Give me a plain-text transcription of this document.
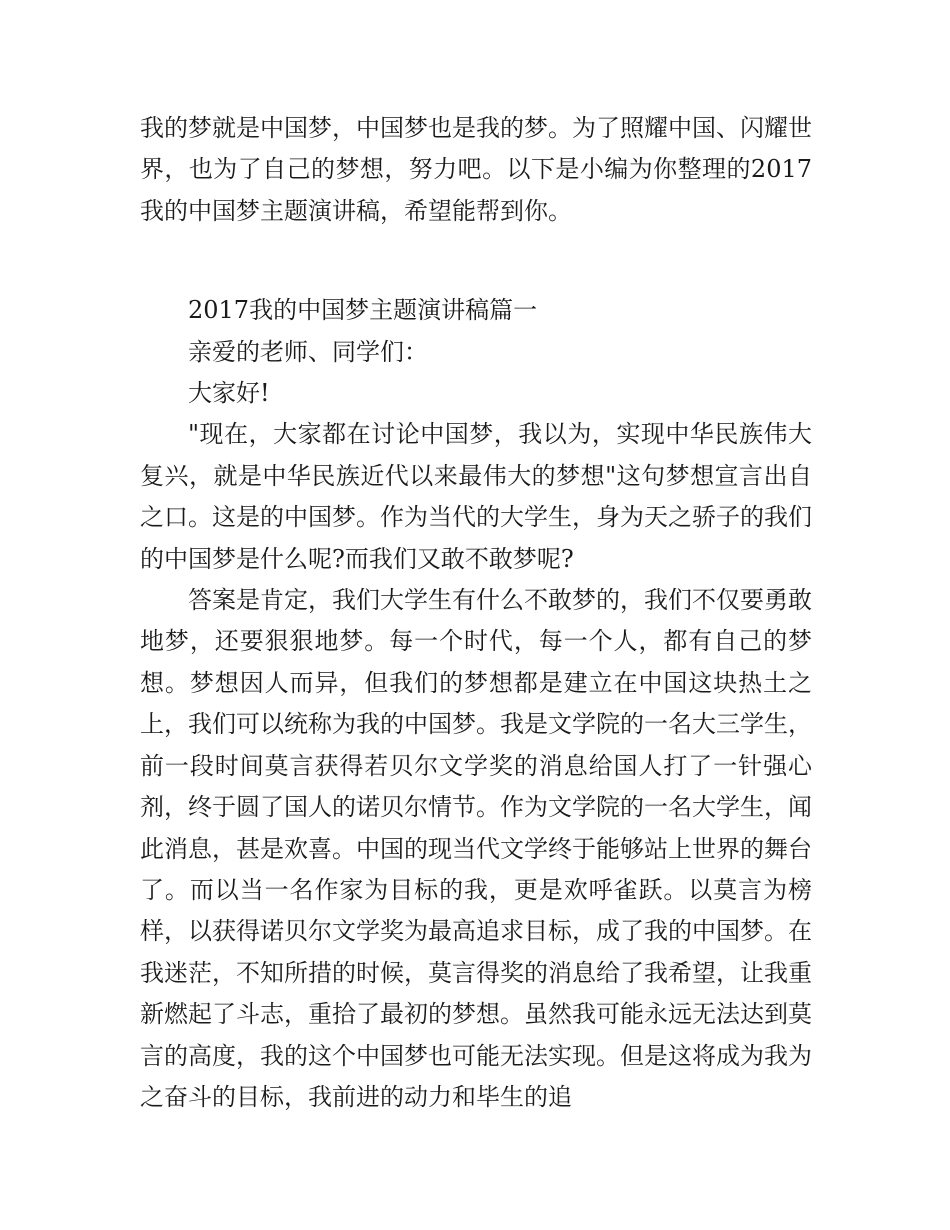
我的梦就是中国梦，中国梦也是我的梦。为了照耀中国、闪耀世界，也为了自己的梦想，努力吧。以下是小编为你整理的2017我的中国梦主题演讲稿，希望能帮到你。

2017我的中国梦主题演讲稿篇一

亲爱的老师、同学们：

大家好!

"现在，大家都在讨论中国梦，我以为，实现中华民族伟大复兴，就是中华民族近代以来最伟大的梦想"这句梦想宣言出自之口。这是的中国梦。作为当代的大学生，身为天之骄子的我们的中国梦是什么呢?而我们又敢不敢梦呢?

答案是肯定，我们大学生有什么不敢梦的，我们不仅要勇敢地梦，还要狠狠地梦。每一个时代，每一个人，都有自己的梦想。梦想因人而异，但我们的梦想都是建立在中国这块热土之上，我们可以统称为我的中国梦。我是文学院的一名大三学生，前一段时间莫言获得若贝尔文学奖的消息给国人打了一针强心剂，终于圆了国人的诺贝尔情节。作为文学院的一名大学生，闻此消息，甚是欢喜。中国的现当代文学终于能够站上世界的舞台了。而以当一名作家为目标的我，更是欢呼雀跃。以莫言为榜样，以获得诺贝尔文学奖为最高追求目标，成了我的中国梦。在我迷茫，不知所措的时候，莫言得奖的消息给了我希望，让我重新燃起了斗志，重拾了最初的梦想。虽然我可能永远无法达到莫言的高度，我的这个中国梦也可能无法实现。但是这将成为我为之奋斗的目标，我前进的动力和毕生的追
